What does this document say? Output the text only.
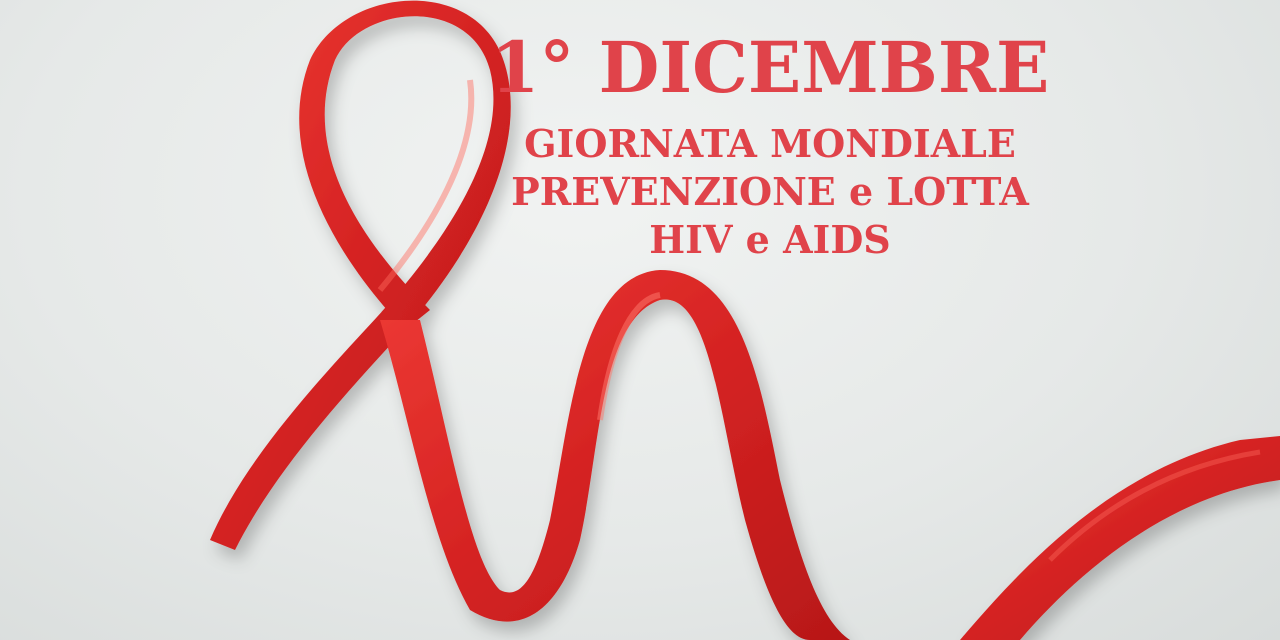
1° DICEMBRE
GIORNATA MONDIALE
PREVENZIONE e LOTTA
HIV e AIDS
